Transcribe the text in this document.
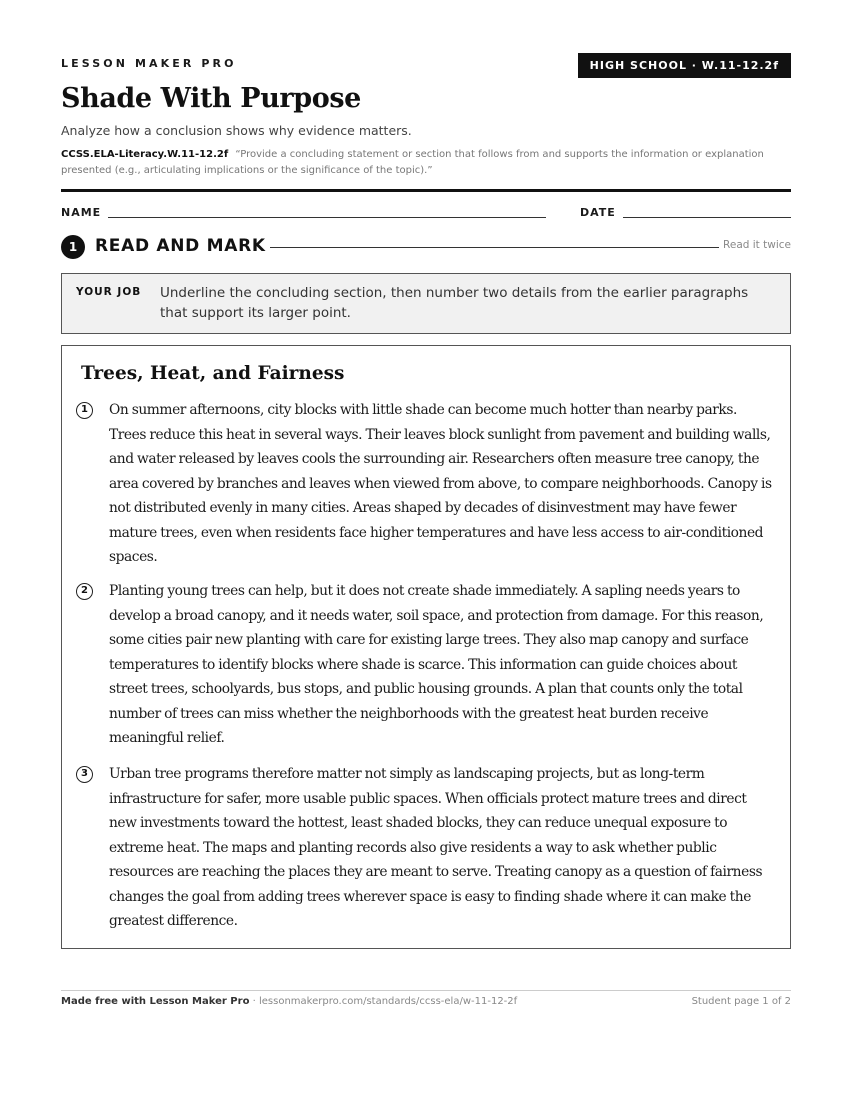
LESSON MAKER PRO	HIGH SCHOOL · W.11-12.2f
Shade With Purpose
Analyze how a conclusion shows why evidence matters.
CCSS.ELA-Literacy.W.11-12.2f “Provide a concluding statement or section that follows from and supports the information or explanation presented (e.g., articulating implications or the significance of the topic).”
NAME	DATE
1	READ AND MARK	Read it twice
YOUR JOB Underline the concluding section, then number two details from the earlier paragraphs that support its larger point.
Trees, Heat, and Fairness
1	On summer afternoons, city blocks with little shade can become much hotter than nearby parks. Trees reduce this heat in several ways. Their leaves block sunlight from pavement and building walls, and water released by leaves cools the surrounding air. Researchers often measure tree canopy, the area covered by branches and leaves when viewed from above, to compare neighborhoods. Canopy is not distributed evenly in many cities. Areas shaped by decades of disinvestment may have fewer mature trees, even when residents face higher temperatures and have less access to air-conditioned spaces.

2	Planting young trees can help, but it does not create shade immediately. A sapling needs years to develop a broad canopy, and it needs water, soil space, and protection from damage. For this reason, some cities pair new planting with care for existing large trees. They also map canopy and surface temperatures to identify blocks where shade is scarce. This information can guide choices about street trees, schoolyards, bus stops, and public housing grounds. A plan that counts only the total number of trees can miss whether the neighborhoods with the greatest heat burden receive meaningful relief.

3	Urban tree programs therefore matter not simply as landscaping projects, but as long-term infrastructure for safer, more usable public spaces. When officials protect mature trees and direct new investments toward the hottest, least shaded blocks, they can reduce unequal exposure to extreme heat. The maps and planting records also give residents a way to ask whether public resources are reaching the places they are meant to serve. Treating canopy as a question of fairness changes the goal from adding trees wherever space is easy to finding shade where it can make the greatest difference.

Made free with Lesson Maker Pro · lessonmakerpro.com/standards/ccss-ela/w-11-12-2f	Student page 1 of 2
